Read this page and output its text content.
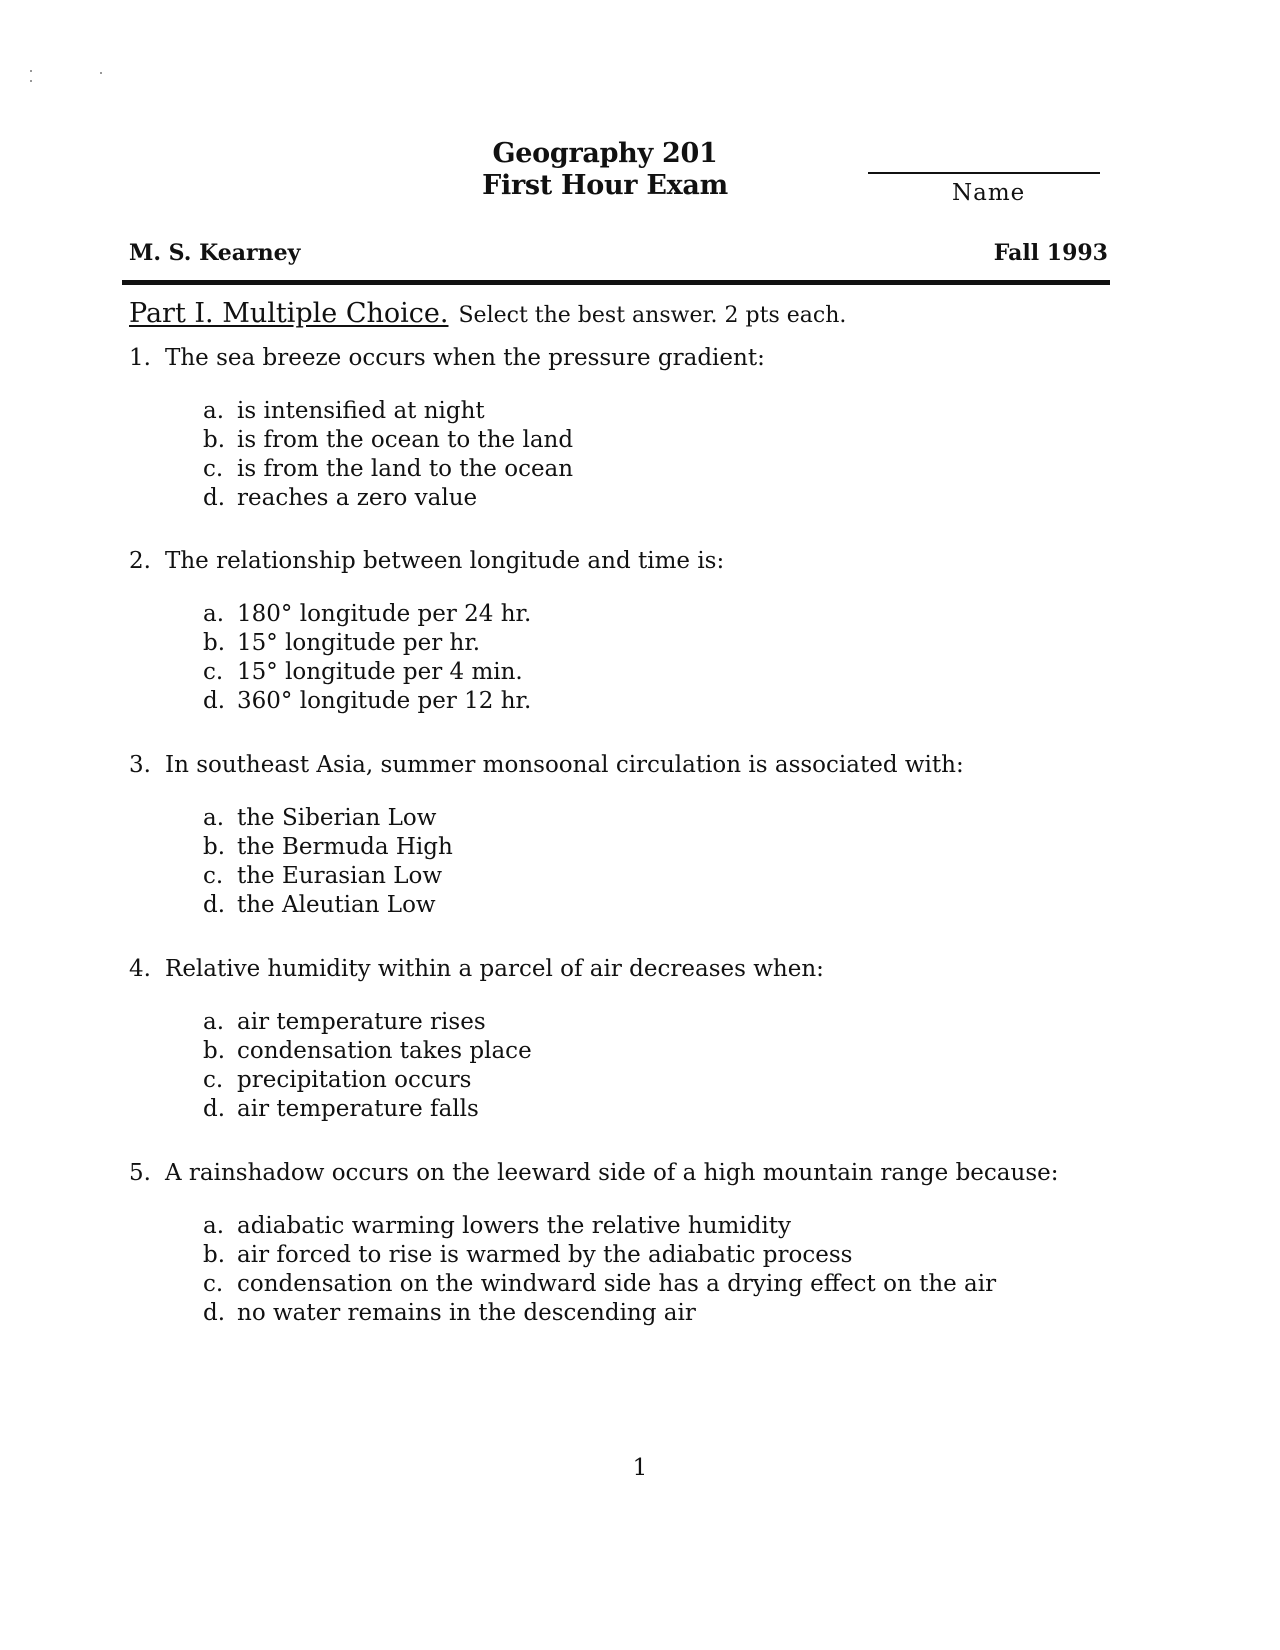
Geography 201
First Hour Exam	Name
M. S. Kearney	Fall 1993
Part I. Multiple Choice. Select the best answer. 2 pts each.
1. The sea breeze occurs when the pressure gradient:
a. is intensified at night
b. is from the ocean to the land
c. is from the land to the ocean
d. reaches a zero value
2. The relationship between longitude and time is:
a. 180° longitude per 24 hr.
b. 15° longitude per hr.
c. 15° longitude per 4 min.
d. 360° longitude per 12 hr.
3. In southeast Asia, summer monsoonal circulation is associated with:
a. the Siberian Low
b. the Bermuda High
c. the Eurasian Low
d. the Aleutian Low
4. Relative humidity within a parcel of air decreases when:
a. air temperature rises
b. condensation takes place
c. precipitation occurs
d. air temperature falls
5. A rainshadow occurs on the leeward side of a high mountain range because:
a. adiabatic warming lowers the relative humidity
b. air forced to rise is warmed by the adiabatic process
c. condensation on the windward side has a drying effect on the air
d. no water remains in the descending air
1
